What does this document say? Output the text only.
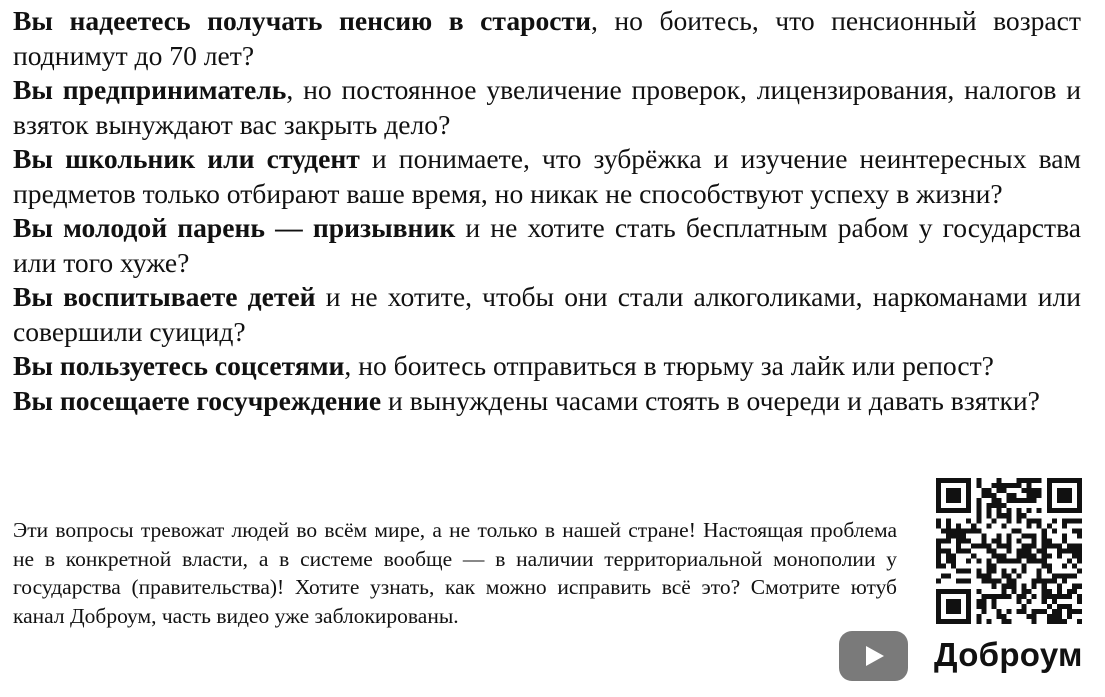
Вы надеетесь получать пенсию в старости, но боитесь, что пенсионный возраст поднимут до 70 лет?

Вы предприниматель, но постоянное увеличение проверок, лицензирования, налогов и взяток вынуждают вас закрыть дело?

Вы школьник или студент и понимаете, что зубрёжка и изучение неинтересных вам предметов только отбирают ваше время, но никак не способствуют успеху в жизни?

Вы молодой парень — призывник и не хотите стать бесплатным рабом у государства или того хуже?

Вы воспитываете детей и не хотите, чтобы они стали алкоголиками, наркоманами или совершили суицид?

Вы пользуетесь соцсетями, но боитесь отправиться в тюрьму за лайк или репост?

Вы посещаете госучреждение и вынуждены часами стоять в очереди и давать взятки?

Эти вопросы тревожат людей во всём мире, а не только в нашей стране! Настоящая проблема не в конкретной власти, а в системе вообще — в наличии территориальной монополии у государства (правительства)! Хотите узнать, как можно исправить всё это? Смотрите ютуб канал Доброум, часть видео уже заблокированы.

Доброум
